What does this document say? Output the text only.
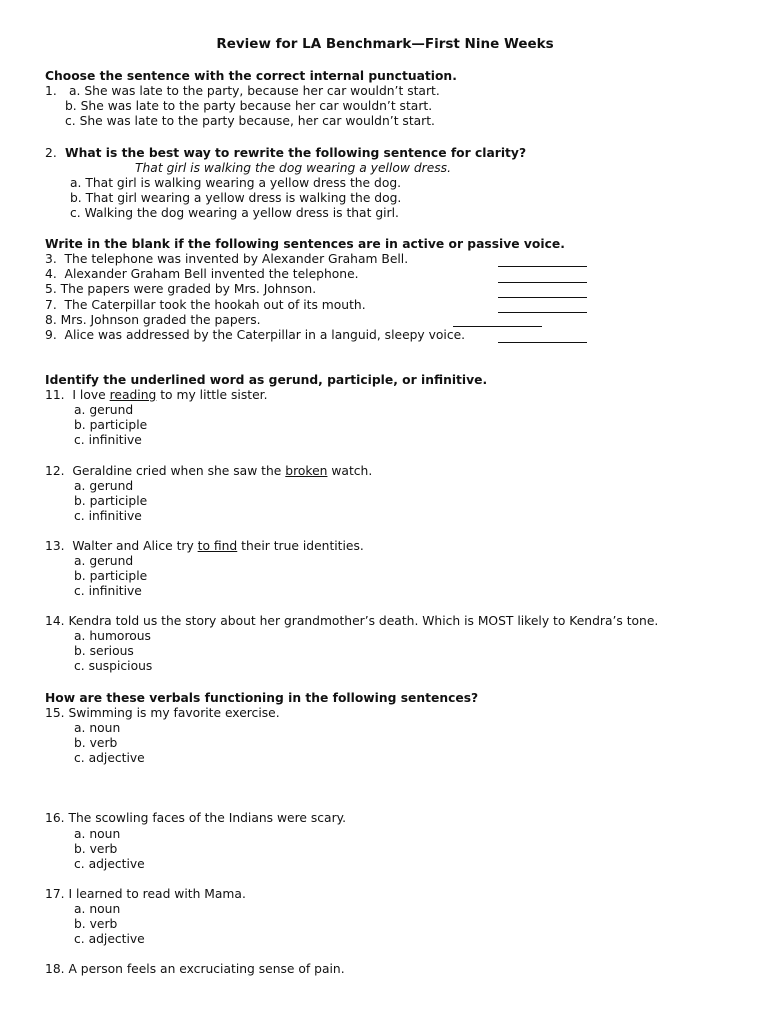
Review for LA Benchmark—First Nine Weeks
Choose the sentence with the correct internal punctuation.
1. a. She was late to the party, because her car wouldn’t start.
b. She was late to the party because her car wouldn’t start.
c. She was late to the party because, her car wouldn’t start.
2. What is the best way to rewrite the following sentence for clarity?
That girl is walking the dog wearing a yellow dress.
a. That girl is walking wearing a yellow dress the dog.
b. That girl wearing a yellow dress is walking the dog.
c. Walking the dog wearing a yellow dress is that girl.
Write in the blank if the following sentences are in active or passive voice.
3.  The telephone was invented by Alexander Graham Bell.
4.  Alexander Graham Bell invented the telephone.
5. The papers were graded by Mrs. Johnson.
7.  The Caterpillar took the hookah out of its mouth.
8. Mrs. Johnson graded the papers.
9.  Alice was addressed by the Caterpillar in a languid, sleepy voice.
Identify the underlined word as gerund, participle, or infinitive.
11.  I love reading to my little sister.
a. gerund
b. participle
c. infinitive
12.  Geraldine cried when she saw the broken watch.
a. gerund
b. participle
c. infinitive
13.  Walter and Alice try to find their true identities.
a. gerund
b. participle
c. infinitive
14. Kendra told us the story about her grandmother’s death. Which is MOST likely to Kendra’s tone.
a. humorous
b. serious
c. suspicious
How are these verbals functioning in the following sentences?
15. Swimming is my favorite exercise.
a. noun
b. verb
c. adjective
16. The scowling faces of the Indians were scary.
a. noun
b. verb
c. adjective
17. I learned to read with Mama.
a. noun
b. verb
c. adjective
18. A person feels an excruciating sense of pain.
